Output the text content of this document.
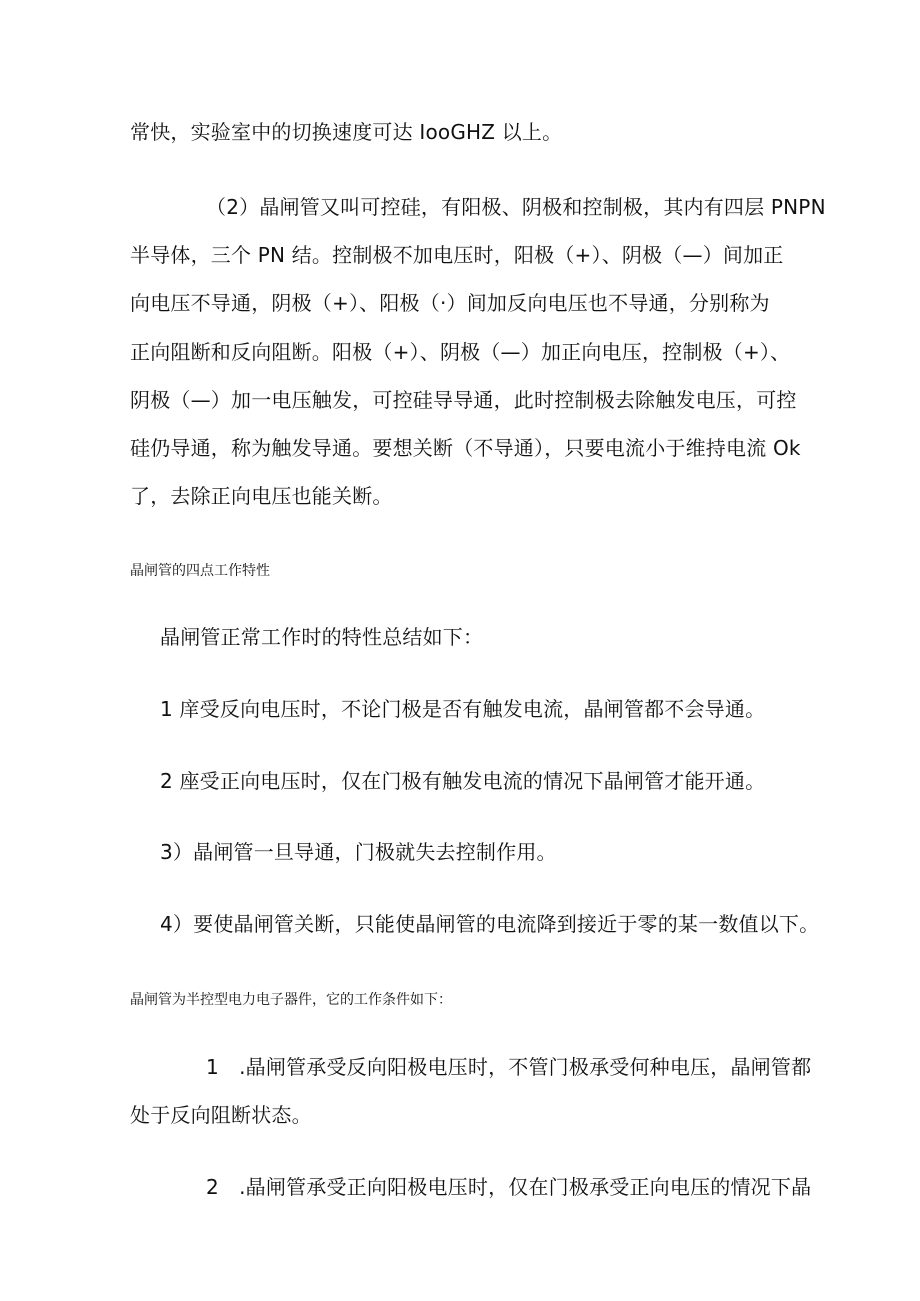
常快，实验室中的切换速度可达 IooGHZ 以上。
（2）晶闸管又叫可控硅，有阳极、阴极和控制极，其内有四层 PNPN
半导体，三个 PN 结。控制极不加电压时，阳极（+）、阴极（—）间加正
向电压不导通，阴极（+）、阳极（·）间加反向电压也不导通，分别称为
正向阻断和反向阻断。阳极（+）、阴极（—）加正向电压，控制极（+）、
阴极（—）加一电压触发，可控硅导导通，此时控制极去除触发电压，可控
硅仍导通，称为触发导通。要想关断（不导通），只要电流小于维持电流 Ok
了，去除正向电压也能关断。
晶闸管的四点工作特性
晶闸管正常工作时的特性总结如下：
1 庠受反向电压时，不论门极是否有触发电流，晶闸管都不会导通。
2 座受正向电压时，仅在门极有触发电流的情况下晶闸管才能开通。
3）晶闸管一旦导通，门极就失去控制作用。
4）要使晶闸管关断，只能使晶闸管的电流降到接近于零的某一数值以下。
晶闸管为半控型电力电子器件，它的工作条件如下：
1　.晶闸管承受反向阳极电压时，不管门极承受何种电压，晶闸管都
处于反向阻断状态。
2　.晶闸管承受正向阳极电压时，仅在门极承受正向电压的情况下晶
